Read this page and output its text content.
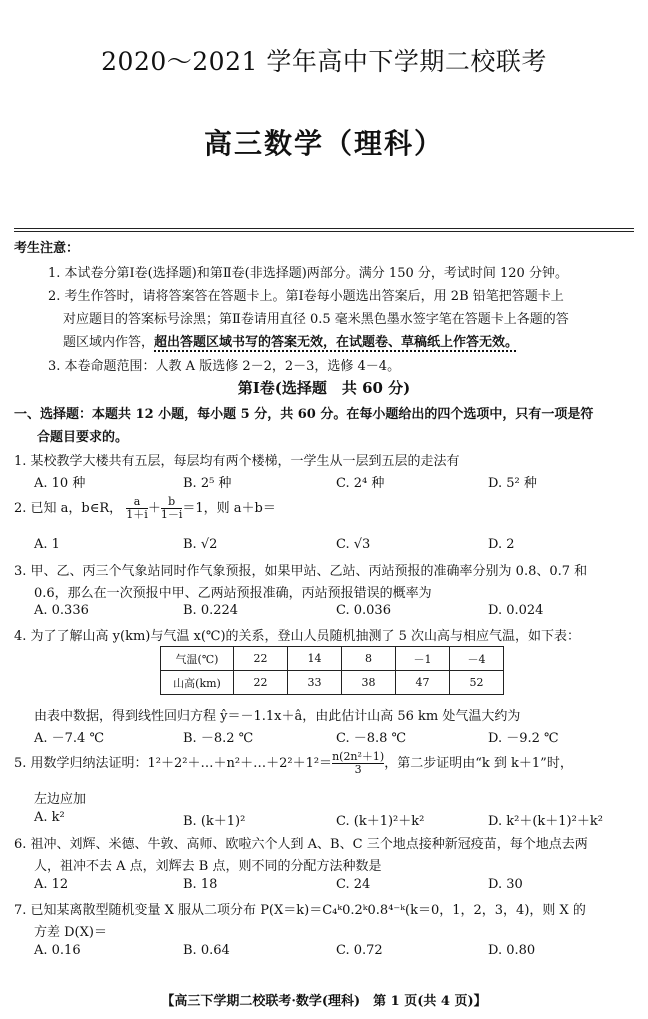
2020～2021 学年高中下学期二校联考
高三数学（理科）
考生注意：
1. 本试卷分第Ⅰ卷(选择题)和第Ⅱ卷(非选择题)两部分。满分 150 分，考试时间 120 分钟。
2. 考生作答时，请将答案答在答题卡上。第Ⅰ卷每小题选出答案后，用 2B 铅笔把答题卡上
对应题目的答案标号涂黑；第Ⅱ卷请用直径 0.5 毫米黑色墨水签字笔在答题卡上各题的答
题区域内作答，超出答题区域书写的答案无效，在试题卷、草稿纸上作答无效。
3. 本卷命题范围：人教 A 版选修 2－2，2－3，选修 4－4。
第Ⅰ卷(选择题　共 60 分)
一、选择题：本题共 12 小题，每小题 5 分，共 60 分。在每小题给出的四个选项中，只有一项是符
合题目要求的。
1. 某校教学大楼共有五层，每层均有两个楼梯，一学生从一层到五层的走法有
A. 10 种	B. 2⁵ 种	C. 2⁴ 种	D. 5² 种
2. 已知 a，b∈R， $\frac{a}{1+i} + \frac{b}{1-i} =1$，则 a＋b＝
A. 1	B. √2	C. √3	D. 2
3. 甲、乙、丙三个气象站同时作气象预报，如果甲站、乙站、丙站预报的准确率分别为 0.8、0.7 和
0.6，那么在一次预报中甲、乙两站预报准确，丙站预报错误的概率为
A. 0.336	B. 0.224	C. 0.036	D. 0.024
4. 为了了解山高 y(km)与气温 x(℃)的关系，登山人员随机抽测了 5 次山高与相应气温，如下表：
气温(℃)	22	14	8	－1	－4
山高(km)	22	33	38	47	52
由表中数据，得到线性回归方程 ŷ＝－1.1x＋â，由此估计山高 56 km 处气温大约为
A. －7.4 ℃	B. －8.2 ℃	C. －8.8 ℃	D. －9.2 ℃
5. 用数学归纳法证明：1²＋2²＋…＋n²＋…＋2²＋1²＝ $\frac{\text{n(2n²＋1)}}{3}$ ，第二步证明由“k 到 k＋1”时，
左边应加
A. k²	B. (k＋1)²	C. (k＋1)²＋k²	D. k²＋(k＋1)²＋k²
6. 祖冲、刘辉、米德、牛敦、高师、欧啦六个人到 A、B、C 三个地点接种新冠疫苗，每个地点去两
人，祖冲不去 A 点，刘辉去 B 点，则不同的分配方法种数是
A. 12	B. 18	C. 24	D. 30
7. 已知某离散型随机变量 X 服从二项分布 P(X＝k)＝C₄ᵏ0.2ᵏ0.8⁴⁻ᵏ(k＝0，1，2，3，4)，则 X 的
方差 D(X)＝
A. 0.16	B. 0.64	C. 0.72	D. 0.80
【高三下学期二校联考·数学(理科)　第 1 页(共 4 页)】
